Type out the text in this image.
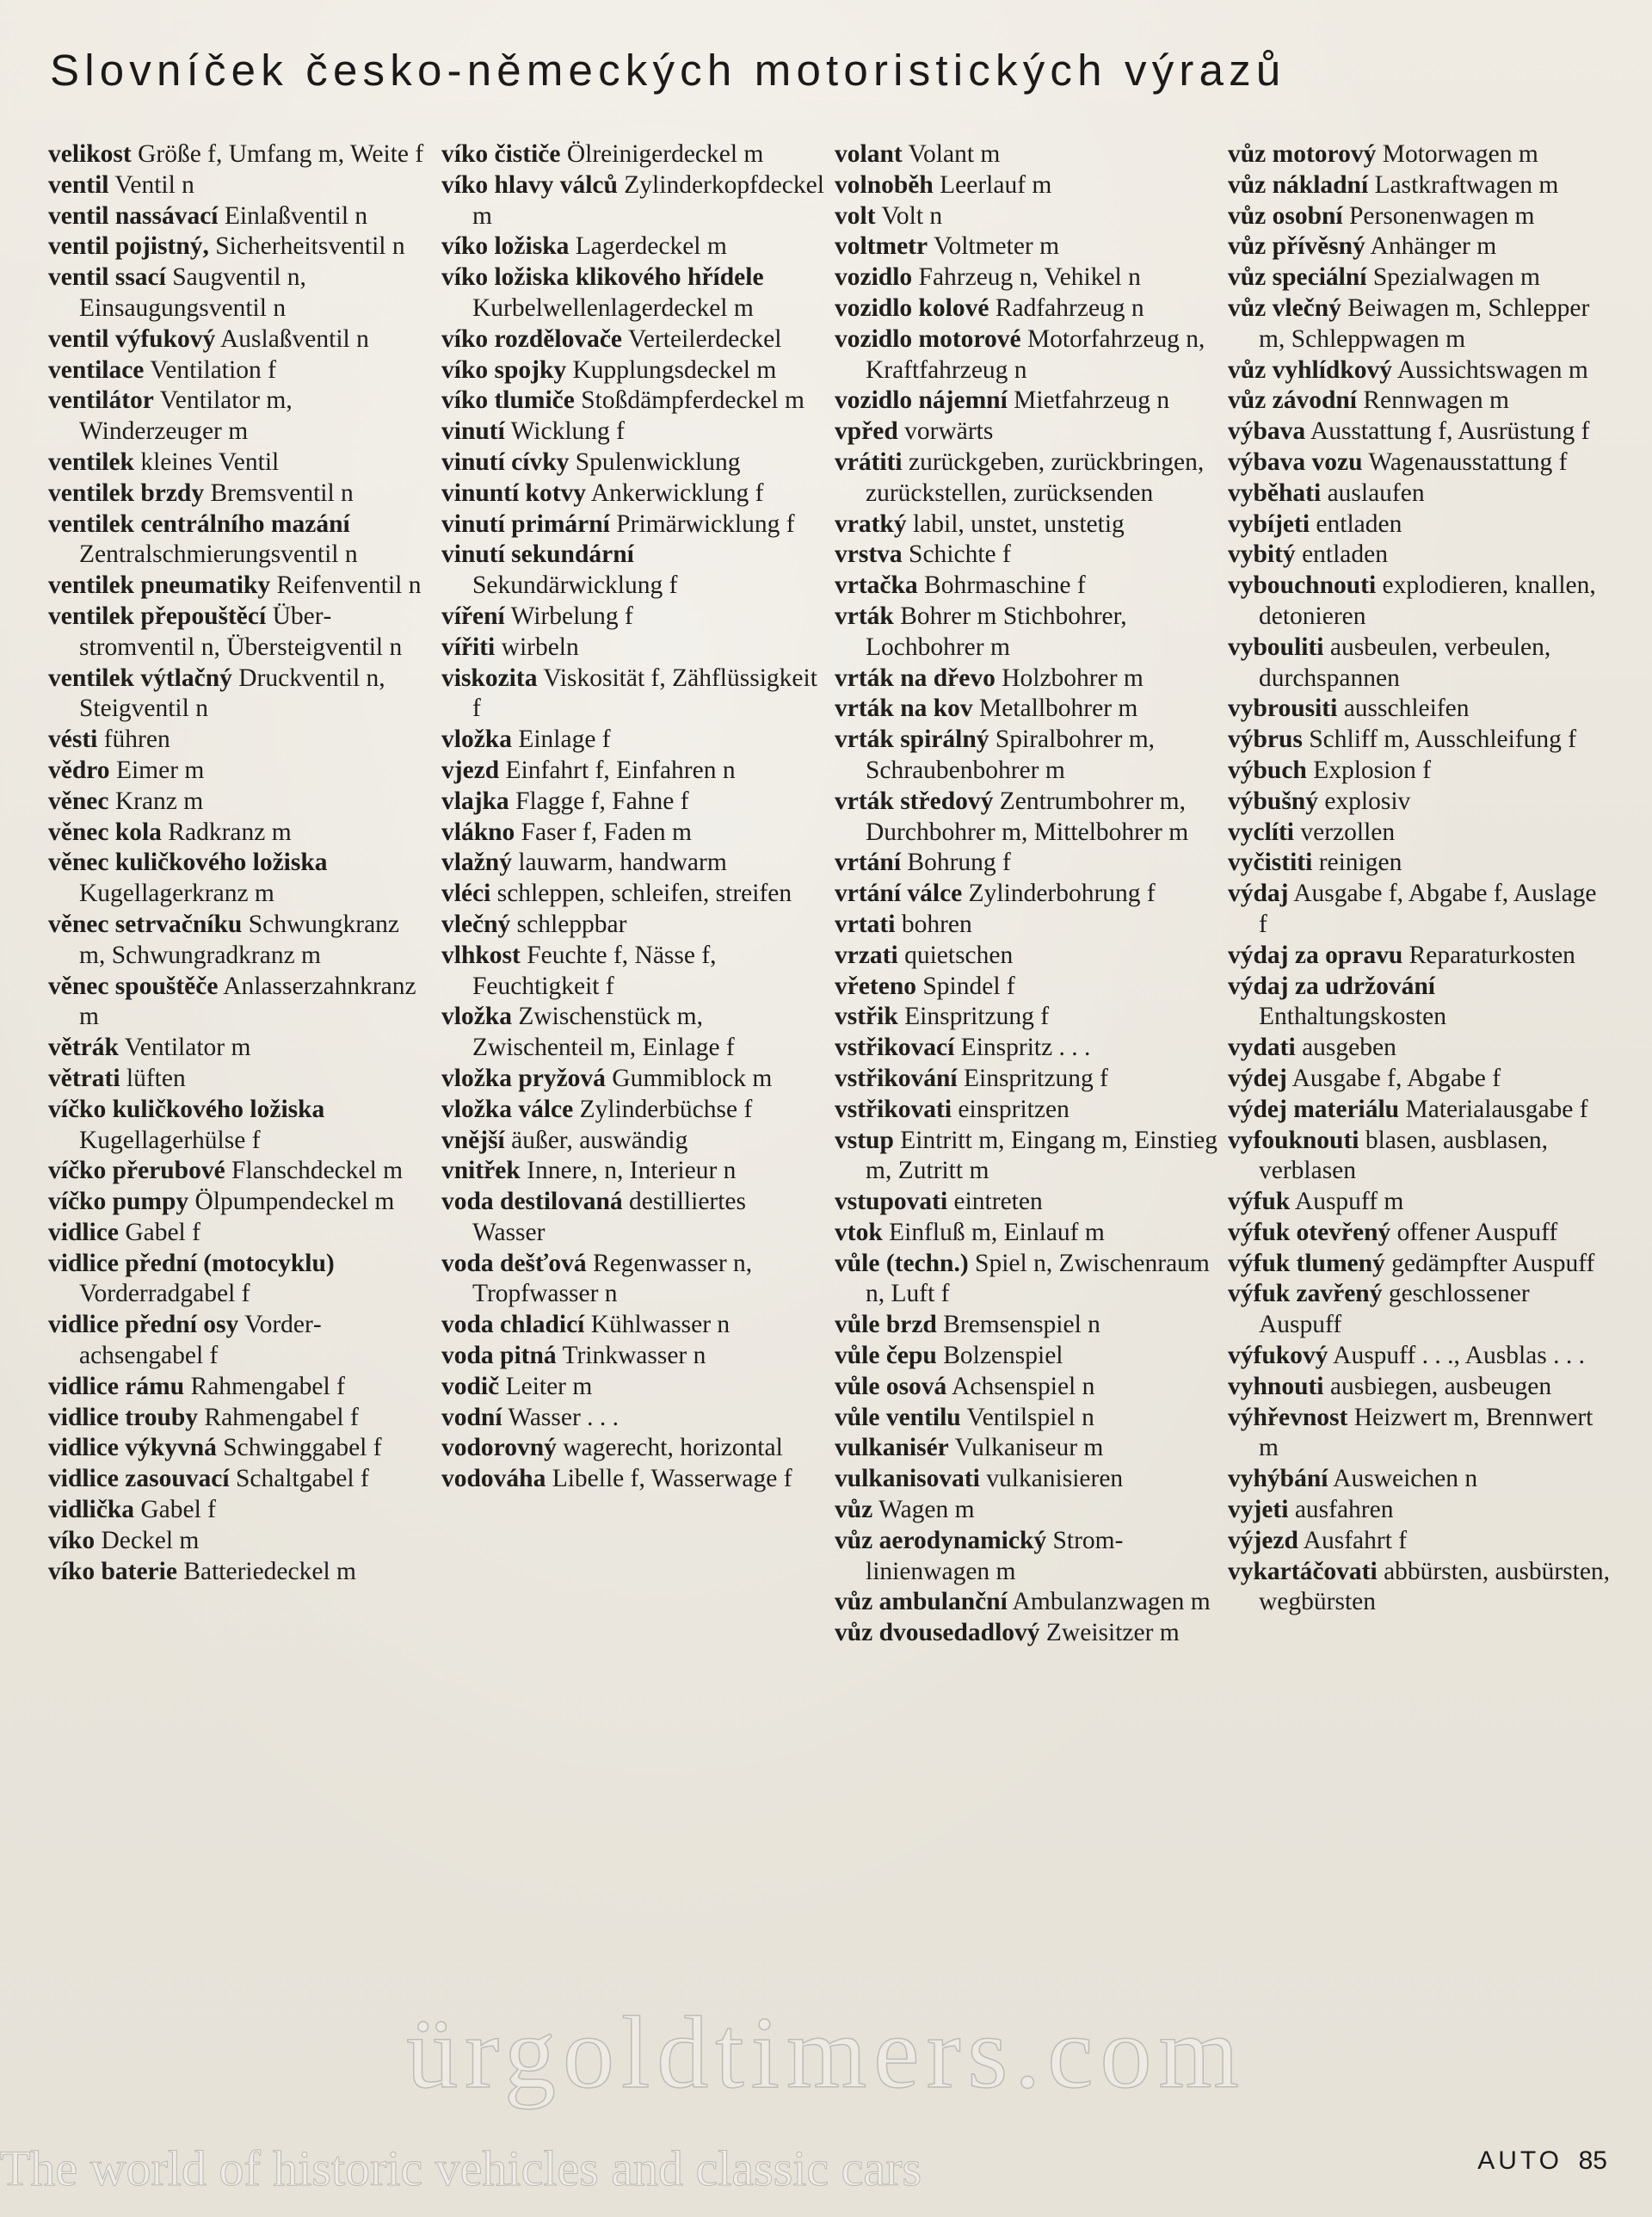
Slovníček česko-německých motoristických výrazů

velikost Größe f, Umfang m, Weite f

ventil Ventil n

ventil nassávací Einlaßventil n

ventil pojistný, Sicherheitsventil n

ventil ssací Saugventil n, Einsaugungsventil n

ventil výfukový Auslaßventil n

ventilace Ventilation f

ventilátor Ventilator m, Winderzeuger m

ventilek kleines Ventil

ventilek brzdy Bremsventil n

ventilek centrálního mazání Zentralschmierungsventil n

ventilek pneumatiky Reifenventil n

ventilek přepouštěcí Überstromventil n, Übersteigventil n

ventilek výtlačný Druckventil n, Steigventil n

vésti führen

vědro Eimer m

věnec Kranz m

věnec kola Radkranz m

věnec kuličkového ložiska Kugellagerkranz m

věnec setrvačníku Schwungkranz m, Schwungradkranz m

věnec spouštěče Anlasserzahnkranz m

větrák Ventilator m

větrati lüften

víčko kuličkového ložiska Kugellagerhülse f

víčko přerubové Flanschdeckel m

víčko pumpy Ölpumpendeckel m

vidlice Gabel f

vidlice přední (motocyklu) Vorderradgabel f

vidlice přední osy Vorderachsengabel f

vidlice rámu Rahmengabel f

vidlice trouby Rahmengabel f

vidlice výkyvná Schwinggabel f

vidlice zasouvací Schaltgabel f

vidlička Gabel f

víko Deckel m

víko baterie Batteriedeckel m

víko čističe Ölreinigerdeckel m

víko hlavy válců Zylinderkopfdeckel m

víko ložiska Lagerdeckel m

víko ložiska klikového hřídele Kurbelwellenlagerdeckel m

víko rozdělovače Verteilerdeckel

víko spojky Kupplungsdeckel m

víko tlumiče Stoßdämpferdeckel m

vinutí Wicklung f

vinutí cívky Spulenwicklung

vinuntí kotvy Ankerwicklung f

vinutí primární Primärwicklung f

vinutí sekundární Sekundärwicklung f

víření Wirbelung f

vířiti wirbeln

viskozita Viskosität f, Zähflüssigkeit f

vložka Einlage f

vjezd Einfahrt f, Einfahren n

vlajka Flagge f, Fahne f

vlákno Faser f, Faden m

vlažný lauwarm, handwarm

vléci schleppen, schleifen, streifen

vlečný schleppbar

vlhkost Feuchte f, Nässe f, Feuchtigkeit f

vložka Zwischenstück m, Zwischenteil m, Einlage f

vložka pryžová Gummiblock m

vložka válce Zylinderbüchse f

vnější äußer, auswändig

vnitřek Innere, n, Interieur n

voda destilovaná destilliertes Wasser

voda dešťová Regenwasser n, Tropfwasser n

voda chladicí Kühlwasser n

voda pitná Trinkwasser n

vodič Leiter m

vodní Wasser . . .

vodorovný wagerecht, horizontal

vodováha Libelle f, Wasserwage f

volant Volant m

volnoběh Leerlauf m

volt Volt n

voltmetr Voltmeter m

vozidlo Fahrzeug n, Vehikel n

vozidlo kolové Radfahrzeug n

vozidlo motorové Motorfahrzeug n, Kraftfahrzeug n

vozidlo nájemní Mietfahrzeug n

vpřed vorwärts

vrátiti zurückgeben, zurückbringen, zurückstellen, zurücksenden

vratký labil, unstet, unstetig

vrstva Schichte f

vrtačka Bohrmaschine f

vrták Bohrer m Stichbohrer, Lochbohrer m

vrták na dřevo Holzbohrer m

vrták na kov Metallbohrer m

vrták spirálný Spiralbohrer m, Schraubenbohrer m

vrták středový Zentrumbohrer m, Durchbohrer m, Mittelbohrer m

vrtání Bohrung f

vrtání válce Zylinderbohrung f

vrtati bohren

vrzati quietschen

vřeteno Spindel f

vstřik Einspritzung f

vstřikovací Einspritz . . .

vstřikování Einspritzung f

vstřikovati einspritzen

vstup Eintritt m, Eingang m, Einstieg m, Zutritt m

vstupovati eintreten

vtok Einfluß m, Einlauf m

vůle (techn.) Spiel n, Zwischenraum n, Luft f

vůle brzd Bremsenspiel n

vůle čepu Bolzenspiel

vůle osová Achsenspiel n

vůle ventilu Ventilspiel n

vulkanisér Vulkaniseur m

vulkanisovati vulkanisieren

vůz Wagen m

vůz aerodynamický Stromlinienwagen m

vůz ambulanční Ambulanzwagen m

vůz dvousedadlový Zweisitzer m

vůz motorový Motorwagen m

vůz nákladní Lastkraftwagen m

vůz osobní Personenwagen m

vůz přívěsný Anhänger m

vůz speciální Spezialwagen m

vůz vlečný Beiwagen m, Schlepper m, Schleppwagen m

vůz vyhlídkový Aussichtswagen m

vůz závodní Rennwagen m

výbava Ausstattung f, Ausrüstung f

výbava vozu Wagenausstattung f

vyběhati auslaufen

vybíjeti entladen

vybitý entladen

vybouchnouti explodieren, knallen, detonieren

vybouliti ausbeulen, verbeulen, durchspannen

vybrousiti ausschleifen

výbrus Schliff m, Ausschleifung f

výbuch Explosion f

výbušný explosiv

vyclíti verzollen

vyčistiti reinigen

výdaj Ausgabe f, Abgabe f, Auslage f

výdaj za opravu Reparaturkosten

výdaj za udržování Enthaltungskosten

vydati ausgeben

výdej Ausgabe f, Abgabe f

výdej materiálu Materialausgabe f

vyfouknouti blasen, ausblasen, verblasen

výfuk Auspuff m

výfuk otevřený offener Auspuff

výfuk tlumený gedämpfter Auspuff

výfuk zavřený geschlossener Auspuff

výfukový Auspuff . . ., Ausblas . . .

vyhnouti ausbiegen, ausbeugen

výhřevnost Heizwert m, Brennwert m

vyhýbání Ausweichen n

vyjeti ausfahren

výjezd Ausfahrt f

vykartáčovati abbürsten, ausbürsten, wegbürsten

ürgoldtimers.com
The world of historic vehicles and classic cars	AUTO 85
